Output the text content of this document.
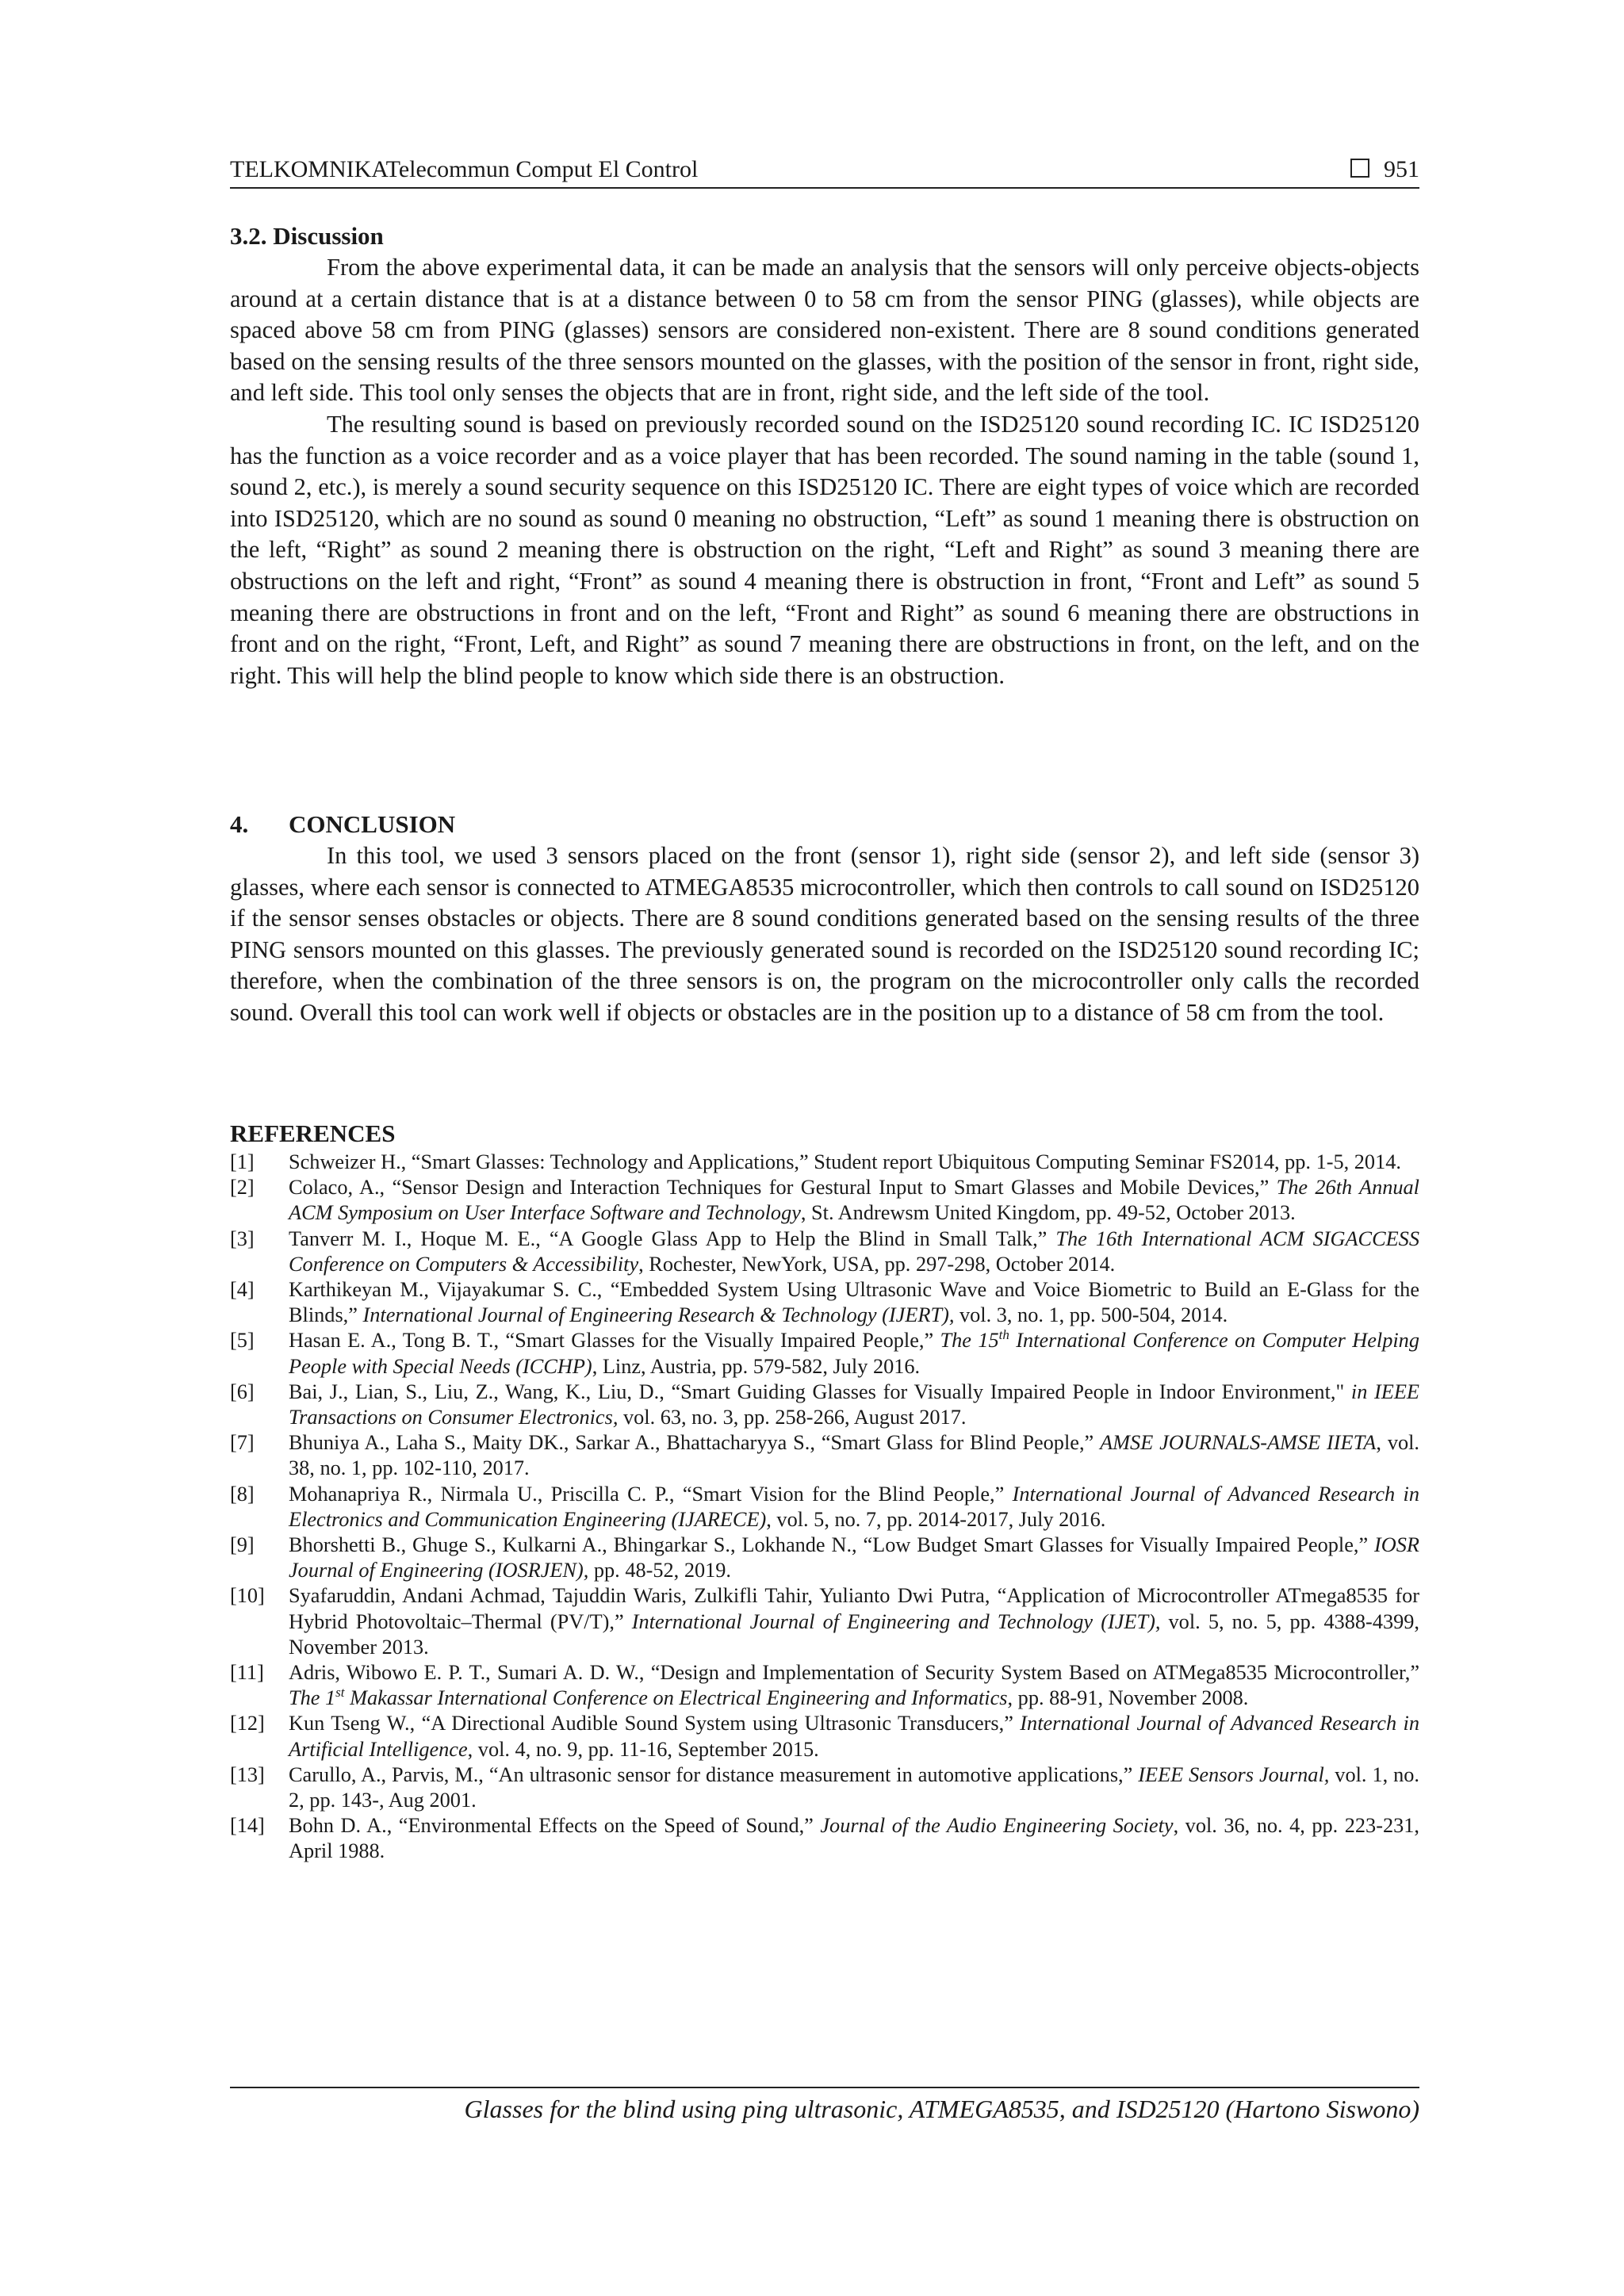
TELKOMNIKATelecommun Comput El Control	951
3.2. Discussion

From the above experimental data, it can be made an analysis that the sensors will only perceive objects-objects around at a certain distance that is at a distance between 0 to 58 cm from the sensor PING (glasses), while objects are spaced above 58 cm from PING (glasses) sensors are considered non-existent. There are 8 sound conditions generated based on the sensing results of the three sensors mounted on the glasses, with the position of the sensor in front, right side, and left side. This tool only senses the objects that are in front, right side, and the left side of the tool.

The resulting sound is based on previously recorded sound on the ISD25120 sound recording IC. IC ISD25120 has the function as a voice recorder and as a voice player that has been recorded. The sound naming in the table (sound 1, sound 2, etc.), is merely a sound security sequence on this ISD25120 IC. There are eight types of voice which are recorded into ISD25120, which are no sound as sound 0 meaning no obstruction, “Left” as sound 1 meaning there is obstruction on the left, “Right” as sound 2 meaning there is obstruction on the right, “Left and Right” as sound 3 meaning there are obstructions on the left and right, “Front” as sound 4 meaning there is obstruction in front, “Front and Left” as sound 5 meaning there are obstructions in front and on the left, “Front and Right” as sound 6 meaning there are obstructions in front and on the right, “Front, Left, and Right” as sound 7 meaning there are obstructions in front, on the left, and on the right. This will help the blind people to know which side there is an obstruction.

4. CONCLUSION

In this tool, we used 3 sensors placed on the front (sensor 1), right side (sensor 2), and left side (sensor 3) glasses, where each sensor is connected to ATMEGA8535 microcontroller, which then controls to call sound on ISD25120 if the sensor senses obstacles or objects. There are 8 sound conditions generated based on the sensing results of the three PING sensors mounted on this glasses. The previously generated sound is recorded on the ISD25120 sound recording IC; therefore, when the combination of the three sensors is on, the program on the microcontroller only calls the recorded sound. Overall this tool can work well if objects or obstacles are in the position up to a distance of 58 cm from the tool.

REFERENCES
[1] Schweizer H., “Smart Glasses: Technology and Applications,” Student report Ubiquitous Computing Seminar FS2014, pp. 1-5, 2014.
[2] Colaco, A., “Sensor Design and Interaction Techniques for Gestural Input to Smart Glasses and Mobile Devices,” The 26th Annual ACM Symposium on User Interface Software and Technology, St. Andrewsm United Kingdom, pp. 49-52, October 2013.
[3] Tanverr M. I., Hoque M. E., “A Google Glass App to Help the Blind in Small Talk,” The 16th International ACM SIGACCESS Conference on Computers & Accessibility, Rochester, NewYork, USA, pp. 297-298, October 2014.
[4] Karthikeyan M., Vijayakumar S. C., “Embedded System Using Ultrasonic Wave and Voice Biometric to Build an E-Glass for the Blinds,” International Journal of Engineering Research & Technology (IJERT), vol. 3, no. 1, pp. 500-504, 2014.
[5] Hasan E. A., Tong B. T., “Smart Glasses for the Visually Impaired People,” The 15th International Conference on Computer Helping People with Special Needs (ICCHP), Linz, Austria, pp. 579-582, July 2016.
[6] Bai, J., Lian, S., Liu, Z., Wang, K., Liu, D., “Smart Guiding Glasses for Visually Impaired People in Indoor Environment," in IEEE Transactions on Consumer Electronics, vol. 63, no. 3, pp. 258-266, August 2017.
[7] Bhuniya A., Laha S., Maity DK., Sarkar A., Bhattacharyya S., “Smart Glass for Blind People,” AMSE JOURNALS-AMSE IIETA, vol. 38, no. 1, pp. 102-110, 2017.
[8] Mohanapriya R., Nirmala U., Priscilla C. P., “Smart Vision for the Blind People,” International Journal of Advanced Research in Electronics and Communication Engineering (IJARECE), vol. 5, no. 7, pp. 2014-2017, July 2016.
[9] Bhorshetti B., Ghuge S., Kulkarni A., Bhingarkar S., Lokhande N., “Low Budget Smart Glasses for Visually Impaired People,” IOSR Journal of Engineering (IOSRJEN), pp. 48-52, 2019.
[10] Syafaruddin, Andani Achmad, Tajuddin Waris, Zulkifli Tahir, Yulianto Dwi Putra, “Application of Microcontroller ATmega8535 for Hybrid Photovoltaic–Thermal (PV/T),” International Journal of Engineering and Technology (IJET), vol. 5, no. 5, pp. 4388-4399, November 2013.
[11] Adris, Wibowo E. P. T., Sumari A. D. W., “Design and Implementation of Security System Based on ATMega8535 Microcontroller,” The 1st Makassar International Conference on Electrical Engineering and Informatics, pp. 88-91, November 2008.
[12] Kun Tseng W., “A Directional Audible Sound System using Ultrasonic Transducers,” International Journal of Advanced Research in Artificial Intelligence, vol. 4, no. 9, pp. 11-16, September 2015.
[13] Carullo, A., Parvis, M., “An ultrasonic sensor for distance measurement in automotive applications,” IEEE Sensors Journal, vol. 1, no. 2, pp. 143-, Aug 2001.
[14] Bohn D. A., “Environmental Effects on the Speed of Sound,” Journal of the Audio Engineering Society, vol. 36, no. 4, pp. 223-231, April 1988.
Glasses for the blind using ping ultrasonic, ATMEGA8535, and ISD25120 (Hartono Siswono)
